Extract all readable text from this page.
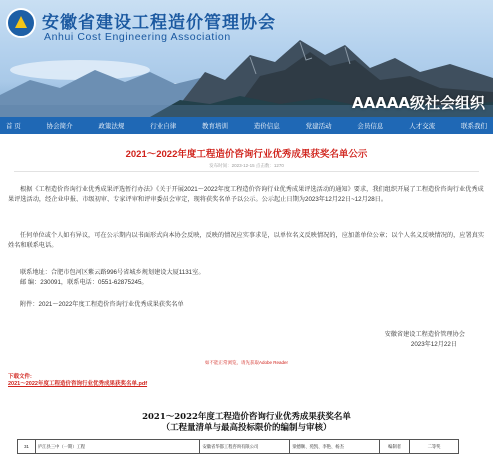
安徽省建设工程造价管理协会
Anhui Cost Engineering Association
AAAAA级社会组织
首 页	协会简介	政策法规	行业自律	教育培训	造价信息	党建活动	会员信息	人才交流	联系我们
2021～2022年度工程造价咨询行业优秀成果获奖名单公示
发布时间：2023-12-15 点击数：1270
根据《工程造价咨询行业优秀成果评选暂行办法》《关于开展2021～2022年度工程造价咨询行业优秀成果评选活动的通知》要求，我们组织开展了工程造价咨询行业优秀成果评选活动，经企业申报、市级初审、专家评审和评审委员会审定，现将获奖名单予以公示。公示起止日期为2023年12月22日~12月28日。
任何单位或个人如有异议，可在公示期内以书面形式向本协会反映，反映的情况应实事求是，以单位名义反映情况的，应加盖单位公章；以个人名义反映情况的，应署真实姓名和联系电话。
联系地址：合肥市包河区紫云路996号省城乡规划建设大厦1131室。
邮 编：230091，联系电话：0551-62875245。
附件：2021～2022年度工程造价咨询行业优秀成果获奖名单
安徽省建设工程造价管理协会
2023年12月22日
如不能正常浏览，请先获取Adobe Reader
下载文件:
2021～2022年度工程造价咨询行业优秀成果获奖名单.pdf
2021～2022年度工程造价咨询行业优秀成果获奖名单
（工程量清单与最高投标限价的编制与审核）
31	庐江县三中（一期）工程	安徽省华都工程咨询有限公司	梁德顺、苑凯、李艳、杨杰	编制者	二等奖
